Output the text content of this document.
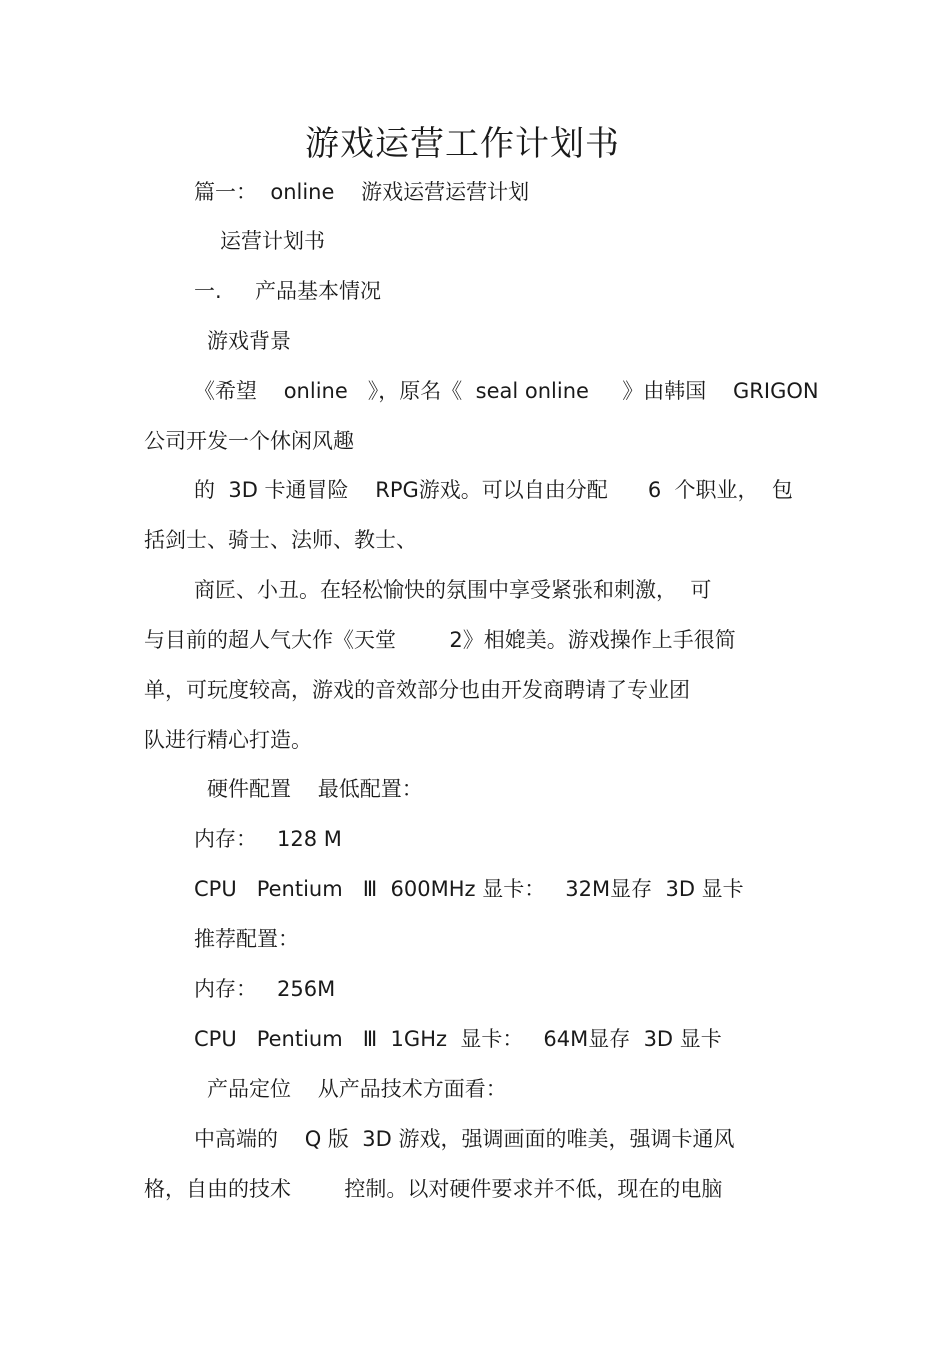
游戏运营工作计划书
篇一：  online    游戏运营运营计划
运营计划书
一.     产品基本情况
游戏背景
《希望    online   》，原名《  seal online     》由韩国    GRIGON
公司开发一个休闲风趣
的  3D 卡通冒险    RPG游戏。可以自由分配      6  个职业，  包
括剑士、骑士、法师、教士、
商匠、小丑。在轻松愉快的氛围中享受紧张和刺激，  可
与目前的超人气大作《天堂        2》相媲美。游戏操作上手很简
单，可玩度较高，游戏的音效部分也由开发商聘请了专业团
队进行精心打造。
硬件配置    最低配置：
内存：   128 M
CPU   Pentium   Ⅲ  600MHz 显卡：   32M显存  3D 显卡
推荐配置：
内存：   256M
CPU   Pentium   Ⅲ  1GHz  显卡：   64M显存  3D 显卡
产品定位    从产品技术方面看：
中高端的    Q 版  3D 游戏，强调画面的唯美，强调卡通风
格，自由的技术        控制。以对硬件要求并不低，现在的电脑
